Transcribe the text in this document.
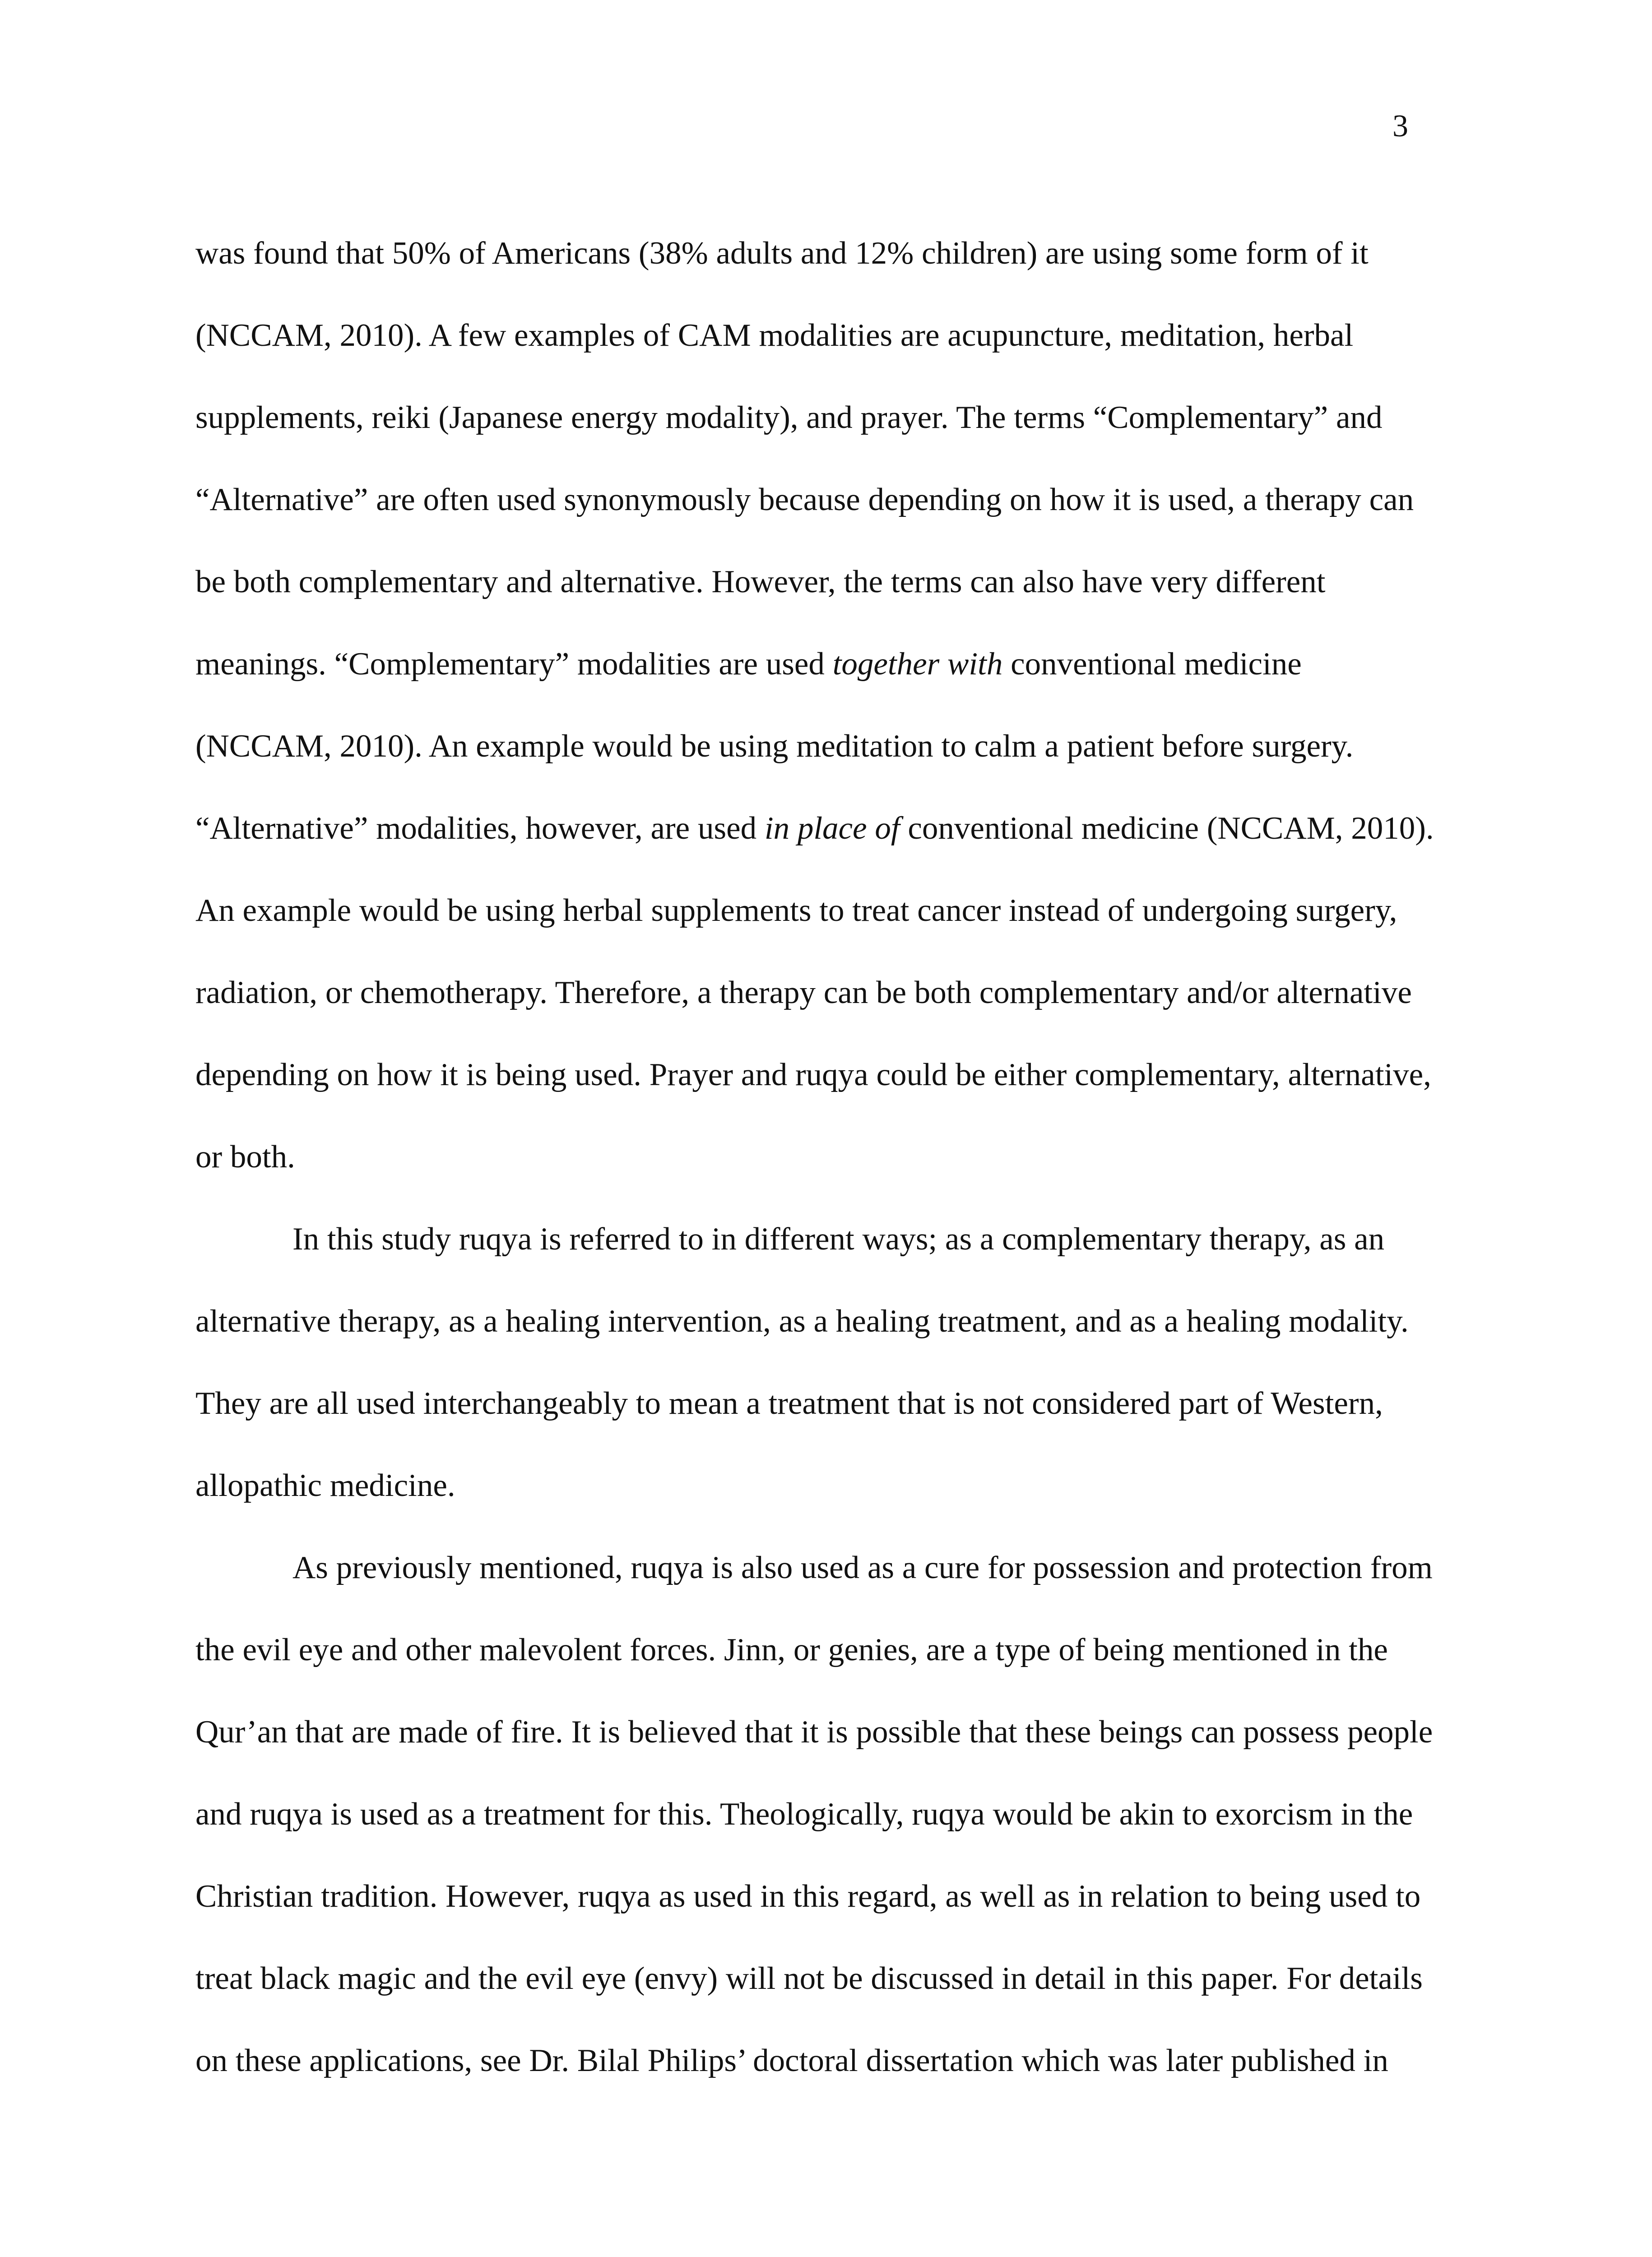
3
was found that 50% of Americans (38% adults and 12% children) are using some form of it
(NCCAM, 2010). A few examples of CAM modalities are acupuncture, meditation, herbal
supplements, reiki (Japanese energy modality), and prayer. The terms “Complementary” and
“Alternative” are often used synonymously because depending on how it is used, a therapy can
be both complementary and alternative. However, the terms can also have very different
meanings. “Complementary” modalities are used together with conventional medicine
(NCCAM, 2010). An example would be using meditation to calm a patient before surgery.
“Alternative” modalities, however, are used in place of conventional medicine (NCCAM, 2010).
An example would be using herbal supplements to treat cancer instead of undergoing surgery,
radiation, or chemotherapy. Therefore, a therapy can be both complementary and/or alternative
depending on how it is being used. Prayer and ruqya could be either complementary, alternative,
or both.
In this study ruqya is referred to in different ways; as a complementary therapy, as an
alternative therapy, as a healing intervention, as a healing treatment, and as a healing modality.
They are all used interchangeably to mean a treatment that is not considered part of Western,
allopathic medicine.
As previously mentioned, ruqya is also used as a cure for possession and protection from
the evil eye and other malevolent forces. Jinn, or genies, are a type of being mentioned in the
Qur’an that are made of fire. It is believed that it is possible that these beings can possess people
and ruqya is used as a treatment for this. Theologically, ruqya would be akin to exorcism in the
Christian tradition. However, ruqya as used in this regard, as well as in relation to being used to
treat black magic and the evil eye (envy) will not be discussed in detail in this paper. For details
on these applications, see Dr. Bilal Philips’ doctoral dissertation which was later published in
